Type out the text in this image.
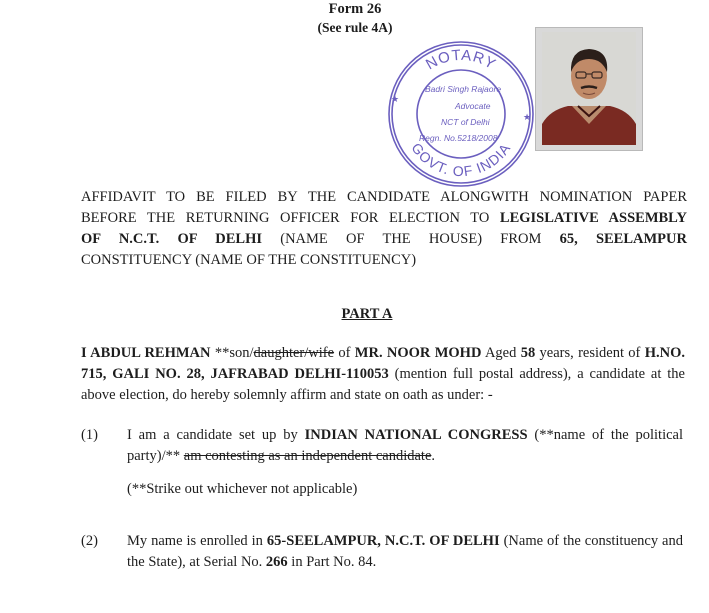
Form 26
(See rule 4A)
NOTARY
GOVT. OF INDIA
★
★
Badri Singh Rajaore
Advocate
NCT of Delhi
Regn. No.5218/2008
AFFIDAVIT TO BE FILED BY THE CANDIDATE ALONGWITH NOMINATION PAPER
BEFORE THE RETURNING OFFICER FOR ELECTION TO LEGISLATIVE ASSEMBLY
OF N.C.T. OF DELHI (NAME OF THE HOUSE) FROM 65, SEELAMPUR
CONSTITUENCY (NAME OF THE CONSTITUENCY)
PART A
I ABDUL REHMAN **son/daughter/wife of MR. NOOR MOHD Aged 58 years, resident of H.NO. 715, GALI NO. 28, JAFRABAD DELHI-110053 (mention full postal address), a candidate at the above election, do hereby solemnly affirm and state on oath as under: -
(1) I am a candidate set up by INDIAN NATIONAL CONGRESS (**name of the political party)/** am contesting as an independent candidate.
(**Strike out whichever not applicable)
(2) My name is enrolled in 65-SEELAMPUR, N.C.T. OF DELHI (Name of the constituency and the State), at Serial No. 266 in Part No. 84.
